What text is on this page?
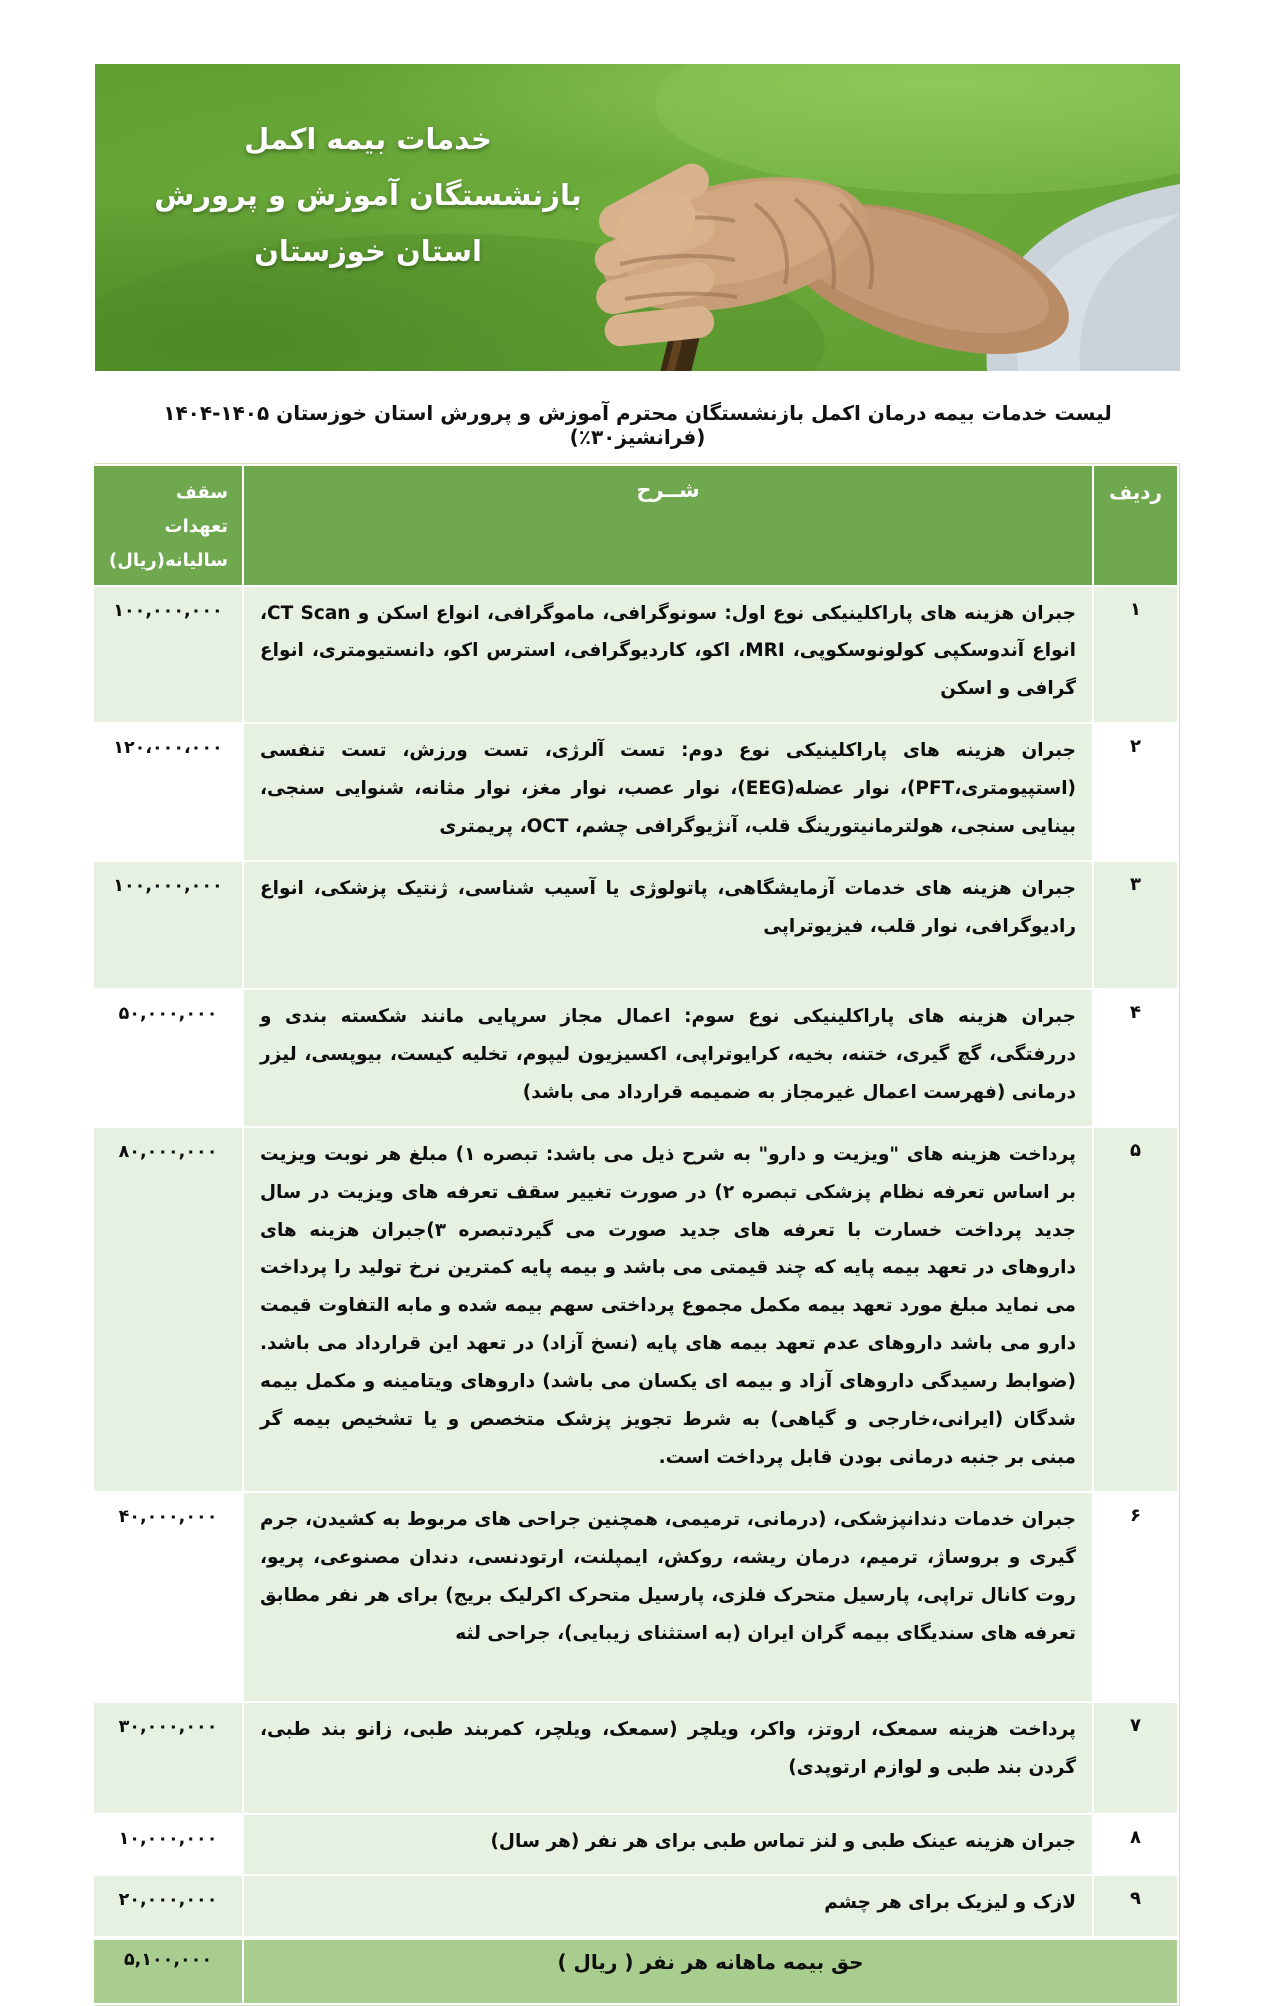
خدمات بیمه اکمل
بازنشستگان آموزش و پرورش
استان خوزستان
لیست خدمات بیمه درمان اکمل بازنشستگان محترم آموزش و پرورش استان خوزستان ۱۴۰۵-۱۴۰۴ (فرانشیز۳۰٪)
ردیف	شــرح	سقف تعهدات
سالیانه(ریال)

۱	جبران هزینه های پاراکلینیکی نوع اول: سونوگرافی، ماموگرافی، انواع اسکن و CT Scan، انواع آندوسکپی کولونوسکوپی، MRI، اکو، کاردیوگرافی، استرس اکو، دانستیومتری، انواع گرافی و اسکن	۱۰۰,۰۰۰,۰۰۰
۲	جبران هزینه های پاراکلینیکی نوع دوم: تست آلرژی، تست ورزش، تست تنفسی (استپیومتری،PFT)، نوار عضله(EEG)، نوار عصب، نوار مغز، نوار مثانه، شنوایی سنجی، بینایی سنجی، هولترمانیتورینگ قلب، آنژیوگرافی چشم، OCT، پریمتری	۱۲۰،۰۰۰،۰۰۰
۳	جبران هزینه های خدمات آزمایشگاهی، پاتولوژی یا آسیب شناسی، ژنتیک پزشکی، انواع رادیوگرافی، نوار قلب، فیزیوتراپی	۱۰۰,۰۰۰,۰۰۰
۴	جبران هزینه های پاراکلینیکی نوع سوم: اعمال مجاز سرپایی مانند شکسته بندی و دررفتگی، گچ گیری، ختنه، بخیه، کرایوتراپی، اکسیزیون لیپوم، تخلیه کیست، بیوپسی، لیزر درمانی (فهرست اعمال غیرمجاز به ضمیمه قرارداد می باشد)	۵۰,۰۰۰,۰۰۰
۵	پرداخت هزینه های "ویزیت و دارو" به شرح ذیل می باشد: تبصره ۱) مبلغ هر نوبت ویزیت بر اساس تعرفه نظام پزشکی تبصره ۲) در صورت تغییر سقف تعرفه های ویزیت در سال جدید پرداخت خسارت با تعرفه های جدید صورت می گیردتبصره ۳)جبران هزینه های داروهای در تعهد بیمه پایه که چند قیمتی می باشد و بیمه پایه کمترین نرخ تولید را پرداخت می نماید مبلغ مورد تعهد بیمه مکمل مجموع پرداختی سهم بیمه شده و مابه التفاوت قیمت دارو می باشد داروهای عدم تعهد بیمه های پایه (نسخ آزاد) در تعهد این قرارداد می باشد. (ضوابط رسیدگی داروهای آزاد و بیمه ای یکسان می باشد) داروهای ویتامینه و مکمل بیمه شدگان (ایرانی،خارجی و گیاهی) به شرط تجویز پزشک متخصص و یا تشخیص بیمه گر مبنی بر جنبه درمانی بودن قابل پرداخت است.	۸۰,۰۰۰,۰۰۰
۶	جبران خدمات دندانپزشکی، (درمانی، ترمیمی، همچنین جراحی های مربوط به کشیدن، جرم گیری و بروساژ، ترمیم، درمان ریشه، روکش، ایمپلنت، ارتودنسی، دندان مصنوعی، پریو، روت کانال تراپی، پارسیل متحرک فلزی، پارسیل متحرک اکرلیک بریج) برای هر نفر مطابق تعرفه های سندیگای بیمه گران ایران (به استثنای زیبایی)، جراحی لثه	۴۰,۰۰۰,۰۰۰
۷	پرداخت هزینه سمعک، اروتز، واکر، ویلچر (سمعک، ویلچر، کمربند طبی، زانو بند طبی، گردن بند طبی و لوازم ارتوپدی)	۳۰,۰۰۰,۰۰۰
۸	جبران هزینه عینک طبی و لنز تماس طبی برای هر نفر (هر سال)	۱۰,۰۰۰,۰۰۰
۹	لازک و لیزیک برای هر چشم	۲۰,۰۰۰,۰۰۰
حق بیمه ماهانه هر نفر ( ریال )		۵,۱۰۰,۰۰۰
